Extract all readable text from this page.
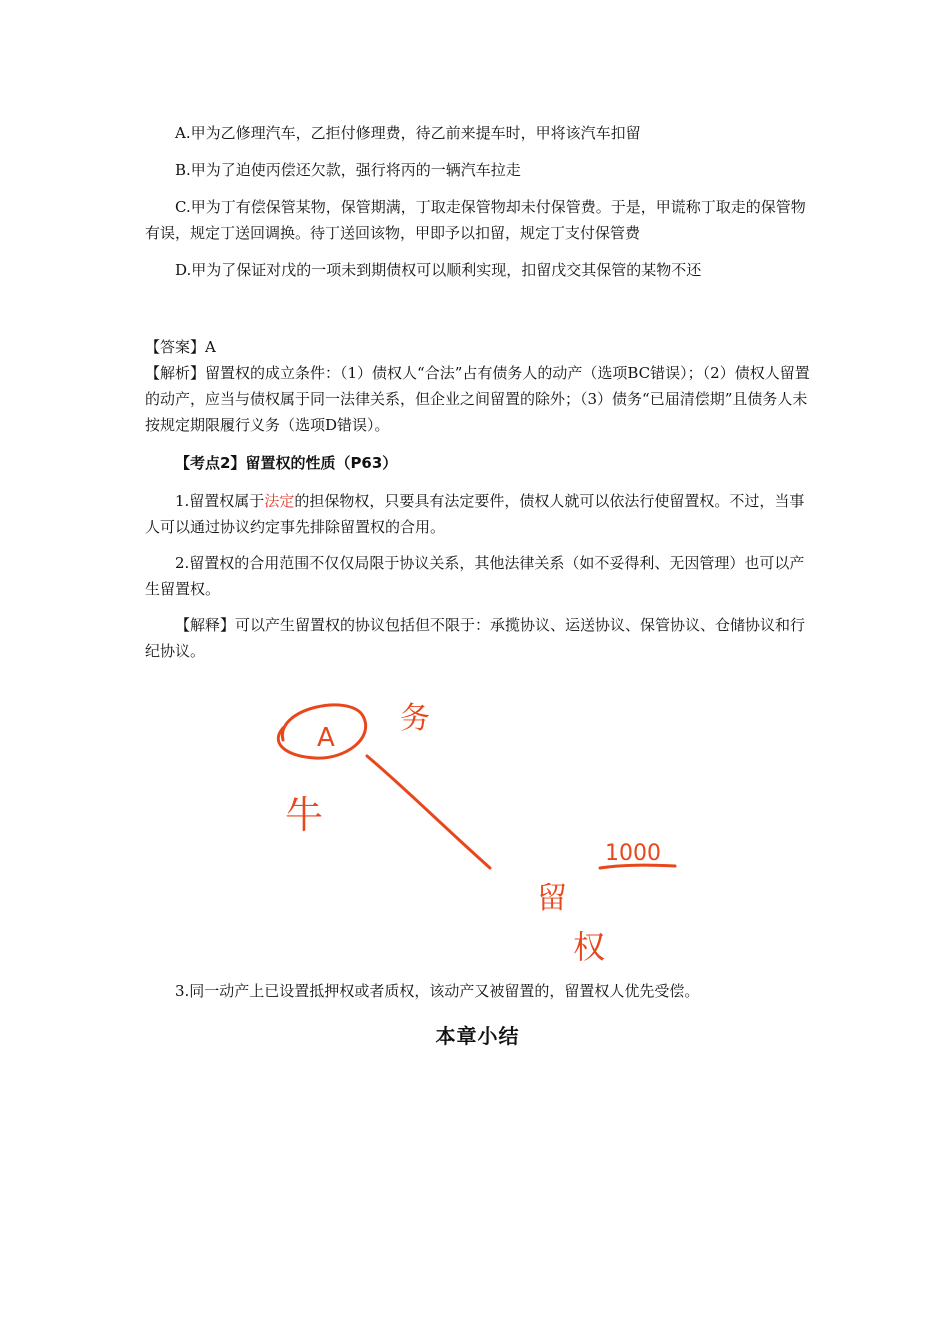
A.甲为乙修理汽车，乙拒付修理费，待乙前来提车时，甲将该汽车扣留

B.甲为了迫使丙偿还欠款，强行将丙的一辆汽车拉走

C.甲为丁有偿保管某物，保管期满，丁取走保管物却未付保管费。于是，甲谎称丁取走的保管物有误，规定丁送回调换。待丁送回该物，甲即予以扣留，规定丁支付保管费

D.甲为了保证对戊的一项未到期债权可以顺利实现，扣留戊交其保管的某物不还

【答案】A

【解析】留置权的成立条件：（1）债权人“合法”占有债务人的动产（选项BC错误）；（2）债权人留置的动产，应当与债权属于同一法律关系，但企业之间留置的除外；（3）债务“已届清偿期”且债务人未按规定期限履行义务（选项D错误）。

【考点2】留置权的性质（P63）

1.留置权属于法定的担保物权，只要具有法定要件，债权人就可以依法行使留置权。不过，当事人可以通过协议约定事先排除留置权的合用。

2.留置权的合用范围不仅仅局限于协议关系，其他法律关系（如不妥得利、无因管理）也可以产生留置权。

【解释】可以产生留置权的协议包括但不限于：承揽协议、运送协议、保管协议、仓储协议和行纪协议。

A
务
牛
1000
留
权

3.同一动产上已设置抵押权或者质权，该动产又被留置的，留置权人优先受偿。

本章小结
